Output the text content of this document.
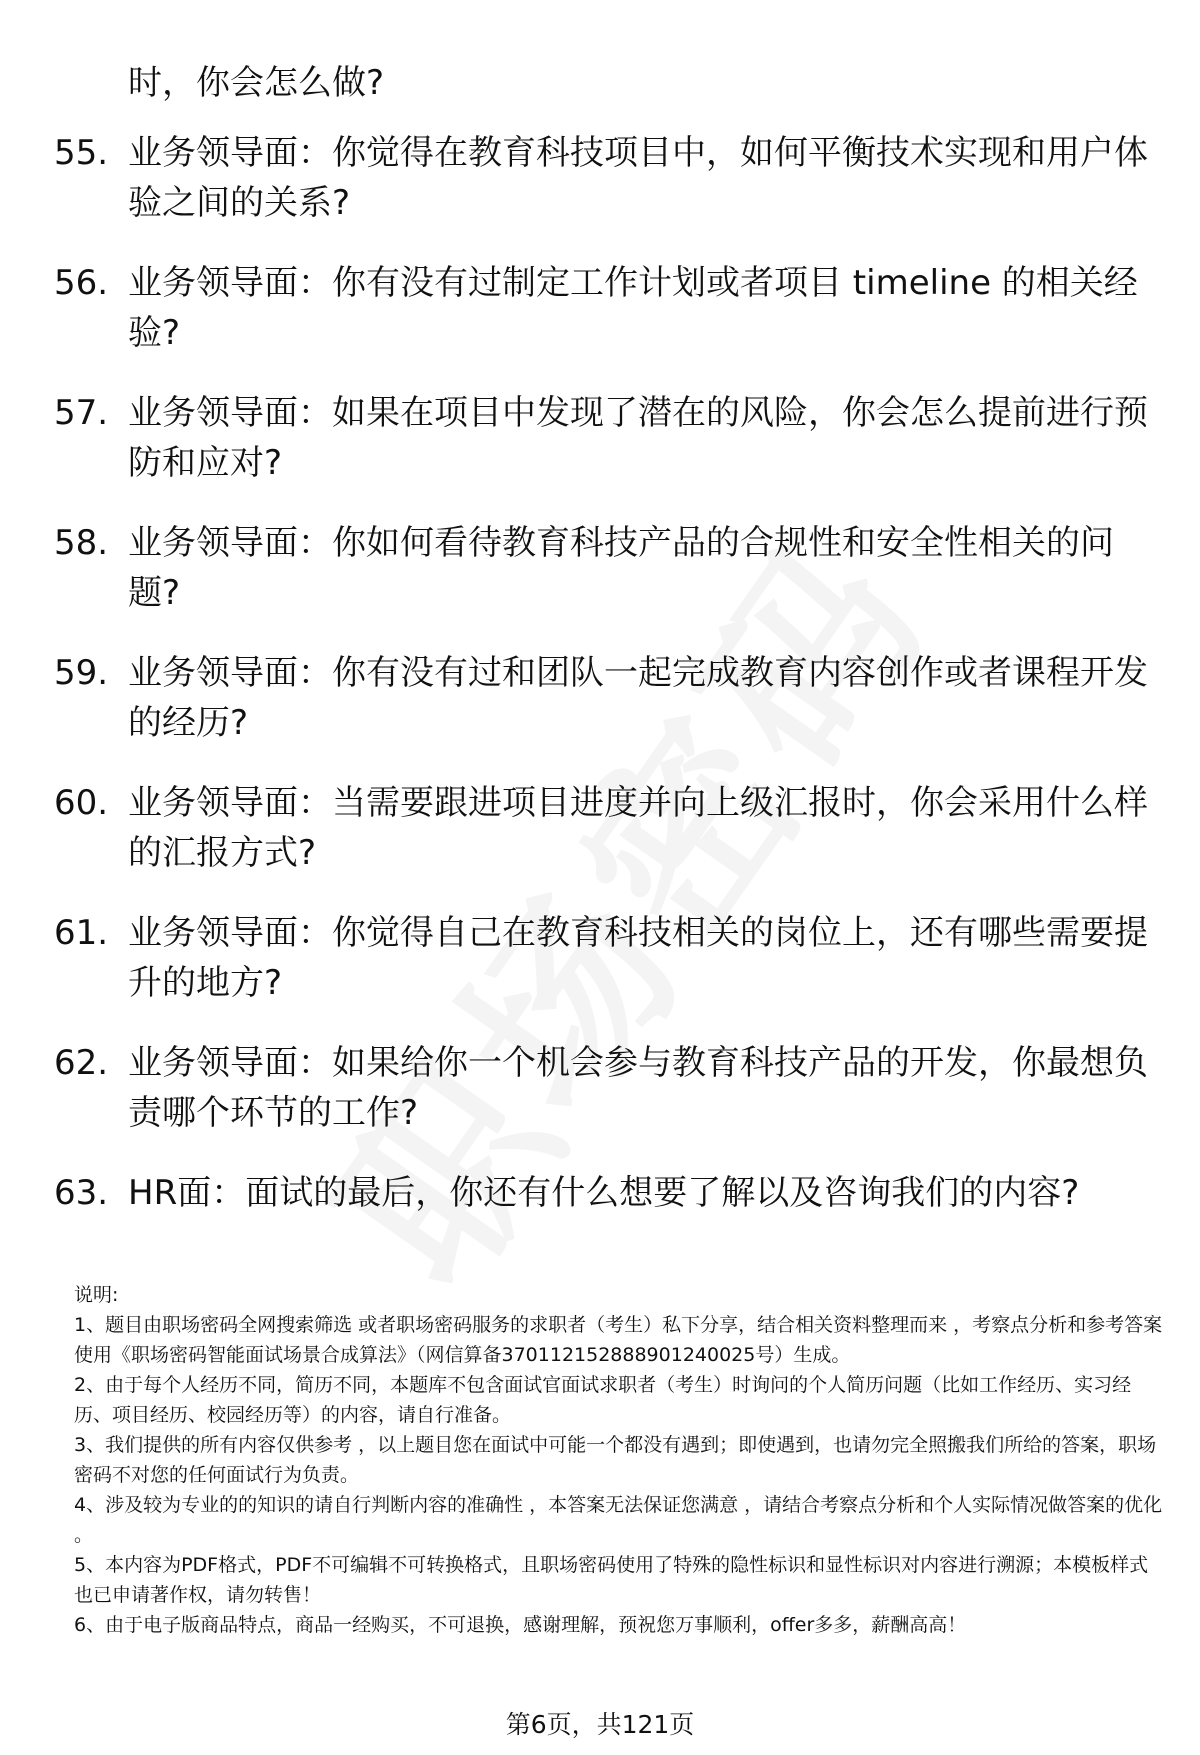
时，你会怎么做?
55. 业务领导面：你觉得在教育科技项目中，如何平衡技术实现和用户体验之间的关系?
56. 业务领导面：你有没有过制定工作计划或者项目 timeline 的相关经验?
57. 业务领导面：如果在项目中发现了潜在的风险，你会怎么提前进行预防和应对?
58. 业务领导面：你如何看待教育科技产品的合规性和安全性相关的问题?
59. 业务领导面：你有没有过和团队一起完成教育内容创作或者课程开发的经历?
60. 业务领导面：当需要跟进项目进度并向上级汇报时，你会采用什么样的汇报方式?
61. 业务领导面：你觉得自己在教育科技相关的岗位上，还有哪些需要提升的地方?
62. 业务领导面：如果给你一个机会参与教育科技产品的开发，你最想负责哪个环节的工作?
63. HR面：面试的最后，你还有什么想要了解以及咨询我们的内容?

说明:

1、题目由职场密码全网搜索筛选 或者职场密码服务的求职者（考生）私下分享，结合相关资料整理而来 ，考察点分析和参考答案使用《职场密码智能面试场景合成算法》（网信算备370112152888901240025号）生成。

2、由于每个人经历不同，简历不同，本题库不包含面试官面试求职者（考生）时询问的个人简历问题（比如工作经历、实习经历、项目经历、校园经历等）的内容，请自行准备。

3、我们提供的所有内容仅供参考 ，以上题目您在面试中可能一个都没有遇到；即使遇到，也请勿完全照搬我们所给的答案，职场密码不对您的任何面试行为负责。

4、涉及较为专业的的知识的请自行判断内容的准确性 ，本答案无法保证您满意 ，请结合考察点分析和个人实际情况做答案的优化 。

5、本内容为PDF格式，PDF不可编辑不可转换格式，且职场密码使用了特殊的隐性标识和显性标识对内容进行溯源；本模板样式也已申请著作权，请勿转售！

6、由于电子版商品特点，商品一经购买，不可退换，感谢理解，预祝您万事顺利，offer多多，薪酬高高！

第6页，共121页
